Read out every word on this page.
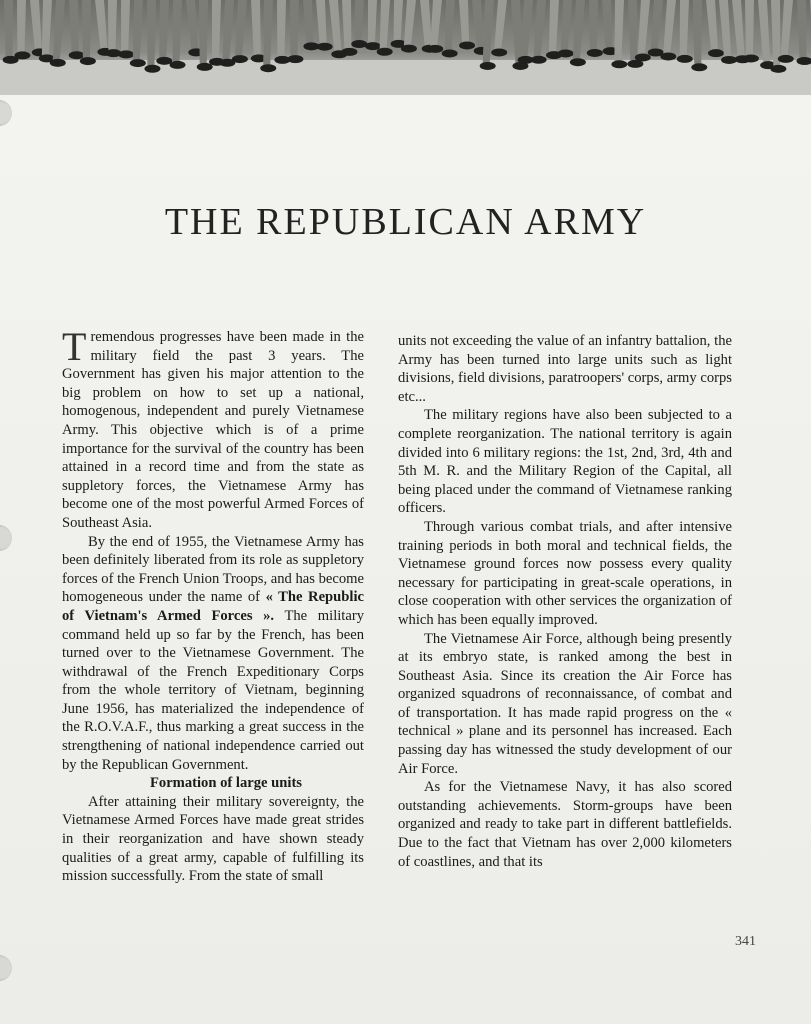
THE REPUBLICAN ARMY

Tremendous progresses have been made in the military field the past 3 years. The Government has given his major attention to the big problem on how to set up a national, homogenous, independent and purely Vietnamese Army. This objective which is of a prime importance for the survival of the country has been attained in a record time and from the state as suppletory forces, the Vietnamese Army has become one of the most powerful Armed Forces of Southeast Asia.

By the end of 1955, the Vietnamese Army has been definitely liberated from its role as suppletory forces of the French Union Troops, and has become homogeneous under the name of « The Republic of Vietnam's Armed Forces ». The military command held up so far by the French, has been turned over to the Vietnamese Government. The withdrawal of the French Expeditionary Corps from the whole territory of Vietnam, beginning June 1956, has materialized the independence of the R.O.V.A.F., thus marking a great success in the strengthening of national independence carried out by the Republican Government.

Formation of large units

After attaining their military sovereignty, the Vietnamese Armed Forces have made great strides in their reorganization and have shown steady qualities of a great army, capable of fulfilling its mission successfully. From the state of small

units not exceeding the value of an infantry battalion, the Army has been turned into large units such as light divisions, field divisions, paratroopers' corps, army corps etc...

The military regions have also been subjected to a complete reorganization. The national territory is again divided into 6 military regions: the 1st, 2nd, 3rd, 4th and 5th M. R. and the Military Region of the Capital, all being placed under the command of Vietnamese ranking officers.

Through various combat trials, and after intensive training periods in both moral and technical fields, the Vietnamese ground forces now possess every quality necessary for participating in great-scale operations, in close cooperation with other services the organization of which has been equally improved.

The Vietnamese Air Force, although being presently at its embryo state, is ranked among the best in Southeast Asia. Since its creation the Air Force has organized squadrons of reconnaissance, of combat and of transportation. It has made rapid progress on the « technical » plane and its personnel has increased. Each passing day has witnessed the study development of our Air Force.

As for the Vietnamese Navy, it has also scored outstanding achievements. Storm-groups have been organized and ready to take part in different battlefields. Due to the fact that Vietnam has over 2,000 kilometers of coastlines, and that its

341
